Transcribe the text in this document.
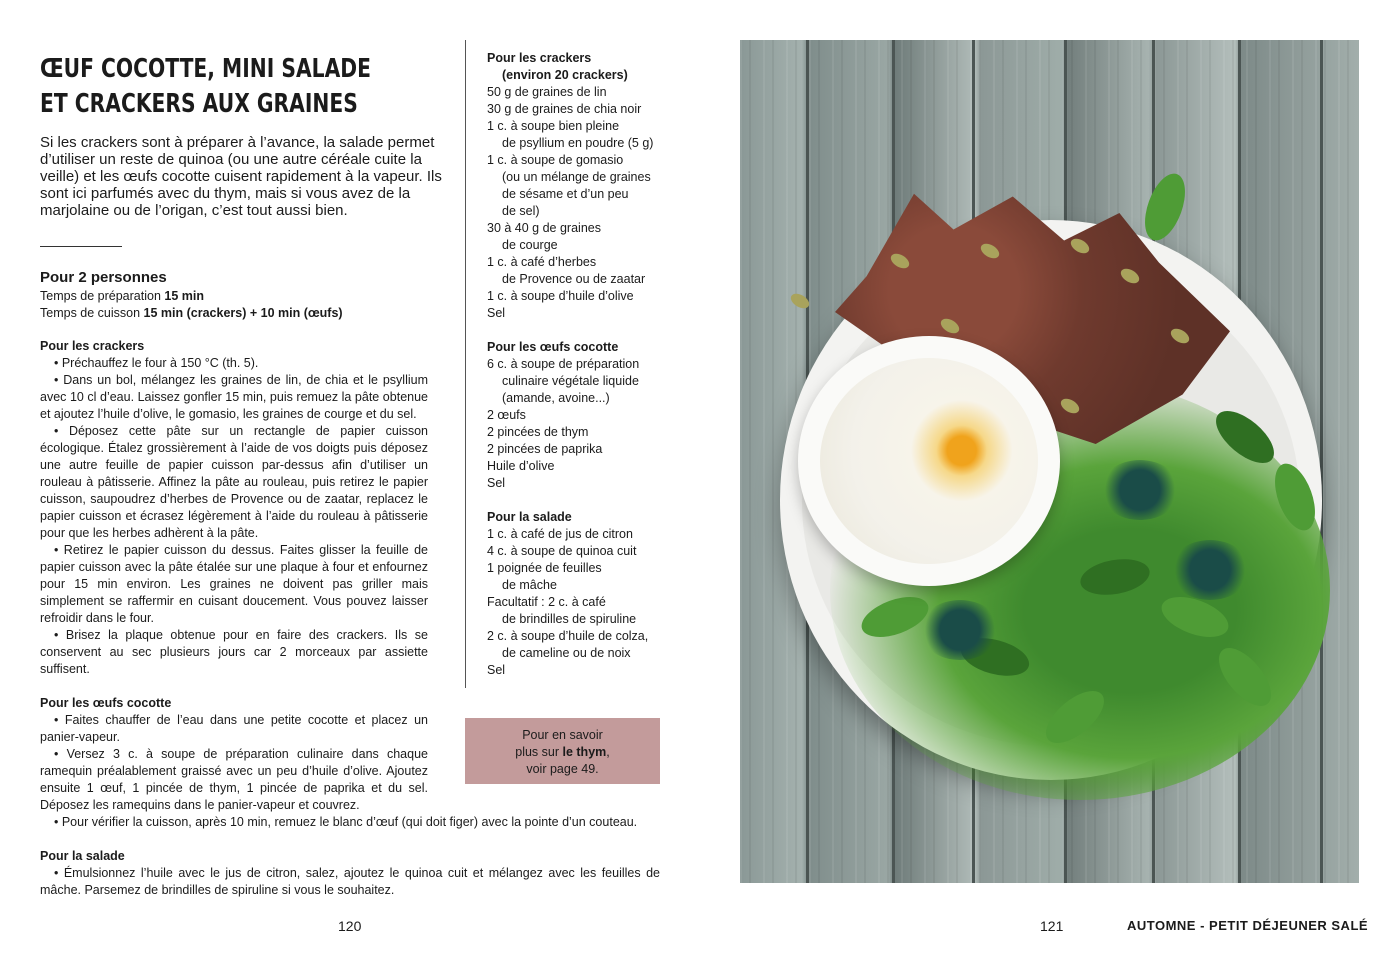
ŒUF COCOTTE, MINI SALADE
ET CRACKERS AUX GRAINES

Si les crackers sont à préparer à l’avance, la salade permet d’utiliser un reste de quinoa (ou une autre céréale cuite la veille) et les œufs cocotte cuisent rapidement à la vapeur. Ils sont ici parfumés avec du thym, mais si vous avez de la marjolaine ou de l’origan, c’est tout aussi bien.

Pour 2 personnes
Temps de préparation 15 min
Temps de cuisson 15 min (crackers) + 10 min (œufs)
Pour les crackers

• Préchauffez le four à 150 °C (th. 5).

• Dans un bol, mélangez les graines de lin, de chia et le psyllium avec 10 cl d’eau. Laissez gonfler 15 min, puis remuez la pâte obtenue et ajoutez l’huile d’olive, le gomasio, les graines de courge et du sel.

• Déposez cette pâte sur un rectangle de papier cuisson écologique. Étalez grossièrement à l’aide de vos doigts puis déposez une autre feuille de papier cuisson par-dessus afin d’utiliser un rouleau à pâtisserie. Affinez la pâte au rouleau, puis retirez le papier cuisson, saupoudrez d’herbes de Provence ou de zaatar, replacez le papier cuisson et écrasez légèrement à l’aide du rouleau à pâtisserie pour que les herbes adhèrent à la pâte.

• Retirez le papier cuisson du dessus. Faites glisser la feuille de papier cuisson avec la pâte étalée sur une plaque à four et enfournez pour 15 min environ. Les graines ne doivent pas griller mais simplement se raffermir en cuisant doucement. Vous pouvez laisser refroidir dans le four.

• Brisez la plaque obtenue pour en faire des crackers. Ils se conservent au sec plusieurs jours car 2 morceaux par assiette suffisent.

Pour les œufs cocotte

• Faites chauffer de l’eau dans une petite cocotte et placez un panier-vapeur.

• Versez 3 c. à soupe de préparation culinaire dans chaque ramequin préalablement graissé avec un peu d’huile d’olive. Ajoutez ensuite 1 œuf, 1 pincée de thym, 1 pincée de paprika et du sel. Déposez les ramequins dans le panier-vapeur et couvrez.

• Pour vérifier la cuisson, après 10 min, remuez le blanc d’œuf (qui doit figer) avec la pointe d’un couteau.

Pour la salade

• Émulsionnez l’huile avec le jus de citron, salez, ajoutez le quinoa cuit et mélangez avec les feuilles de mâche. Parsemez de brindilles de spiruline si vous le souhaitez.

Pour les crackers
(environ 20 crackers)
50 g de graines de lin
30 g de graines de chia noir
1 c. à soupe bien pleine
de psyllium en poudre (5 g)
1 c. à soupe de gomasio
(ou un mélange de graines
de sésame et d’un peu
de sel)
30 à 40 g de graines
de courge
1 c. à café d’herbes
de Provence ou de zaatar
1 c. à soupe d’huile d’olive
Sel
Pour les œufs cocotte
6 c. à soupe de préparation
culinaire végétale liquide
(amande, avoine...)
2 œufs
2 pincées de thym
2 pincées de paprika
Huile d’olive
Sel
Pour la salade
1 c. à café de jus de citron
4 c. à soupe de quinoa cuit
1 poignée de feuilles
de mâche
Facultatif : 2 c. à café
de brindilles de spiruline
2 c. à soupe d’huile de colza,
de cameline ou de noix
Sel
Pour en savoir
plus sur le thym,
voir page 49.
120	121	AUTOMNE - PETIT DÉJEUNER SALÉ
